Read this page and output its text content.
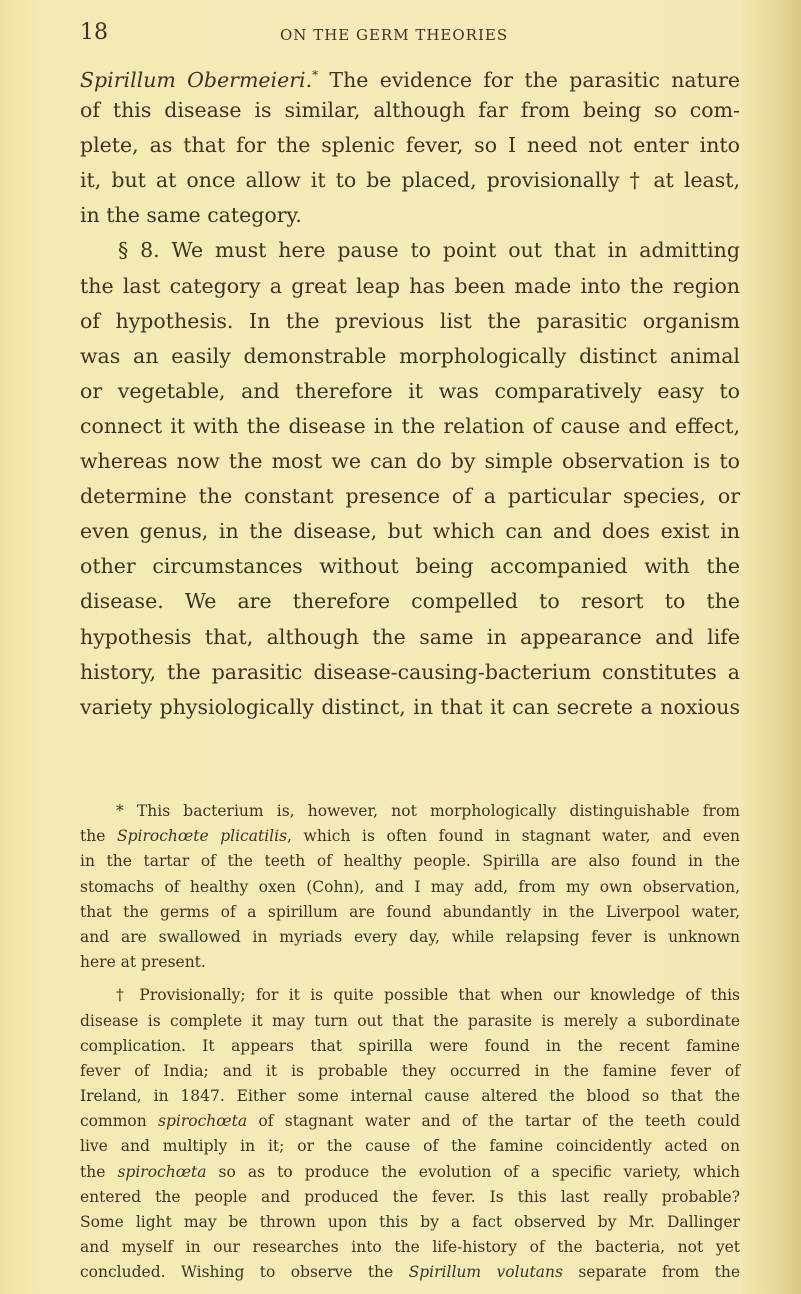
18	ON THE GERM THEORIES
Spirillum Obermeieri.* The evidence for the parasitic nature
of this disease is similar, although far from being so com-
plete, as that for the splenic fever, so I need not enter into
it, but at once allow it to be placed, provisionally † at least,
in the same category.
§ 8. We must here pause to point out that in admitting
the last category a great leap has been made into the region
of hypothesis. In the previous list the parasitic organism
was an easily demonstrable morphologically distinct animal
or vegetable, and therefore it was comparatively easy to
connect it with the disease in the relation of cause and effect,
whereas now the most we can do by simple observation is to
determine the constant presence of a particular species, or
even genus, in the disease, but which can and does exist in
other circumstances without being accompanied with the
disease. We are therefore compelled to resort to the
hypothesis that, although the same in appearance and life
history, the parasitic disease-causing-bacterium constitutes a
variety physiologically distinct, in that it can secrete a noxious
* This bacterium is, however, not morphologically distinguishable from
the Spirochœte plicatilis, which is often found in stagnant water, and even
in the tartar of the teeth of healthy people. Spirilla are also found in the
stomachs of healthy oxen (Cohn), and I may add, from my own observation,
that the germs of a spirillum are found abundantly in the Liverpool water,
and are swallowed in myriads every day, while relapsing fever is unknown
here at present.
† Provisionally; for it is quite possible that when our knowledge of this
disease is complete it may turn out that the parasite is merely a subordinate
complication. It appears that spirilla were found in the recent famine
fever of India; and it is probable they occurred in the famine fever of
Ireland, in 1847. Either some internal cause altered the blood so that the
common spirochœta of stagnant water and of the tartar of the teeth could
live and multiply in it; or the cause of the famine coincidently acted on
the spirochœta so as to produce the evolution of a specific variety, which
entered the people and produced the fever. Is this last really probable?
Some light may be thrown upon this by a fact observed by Mr. Dallinger
and myself in our researches into the life-history of the bacteria, not yet
concluded. Wishing to observe the Spirillum volutans separate from the
